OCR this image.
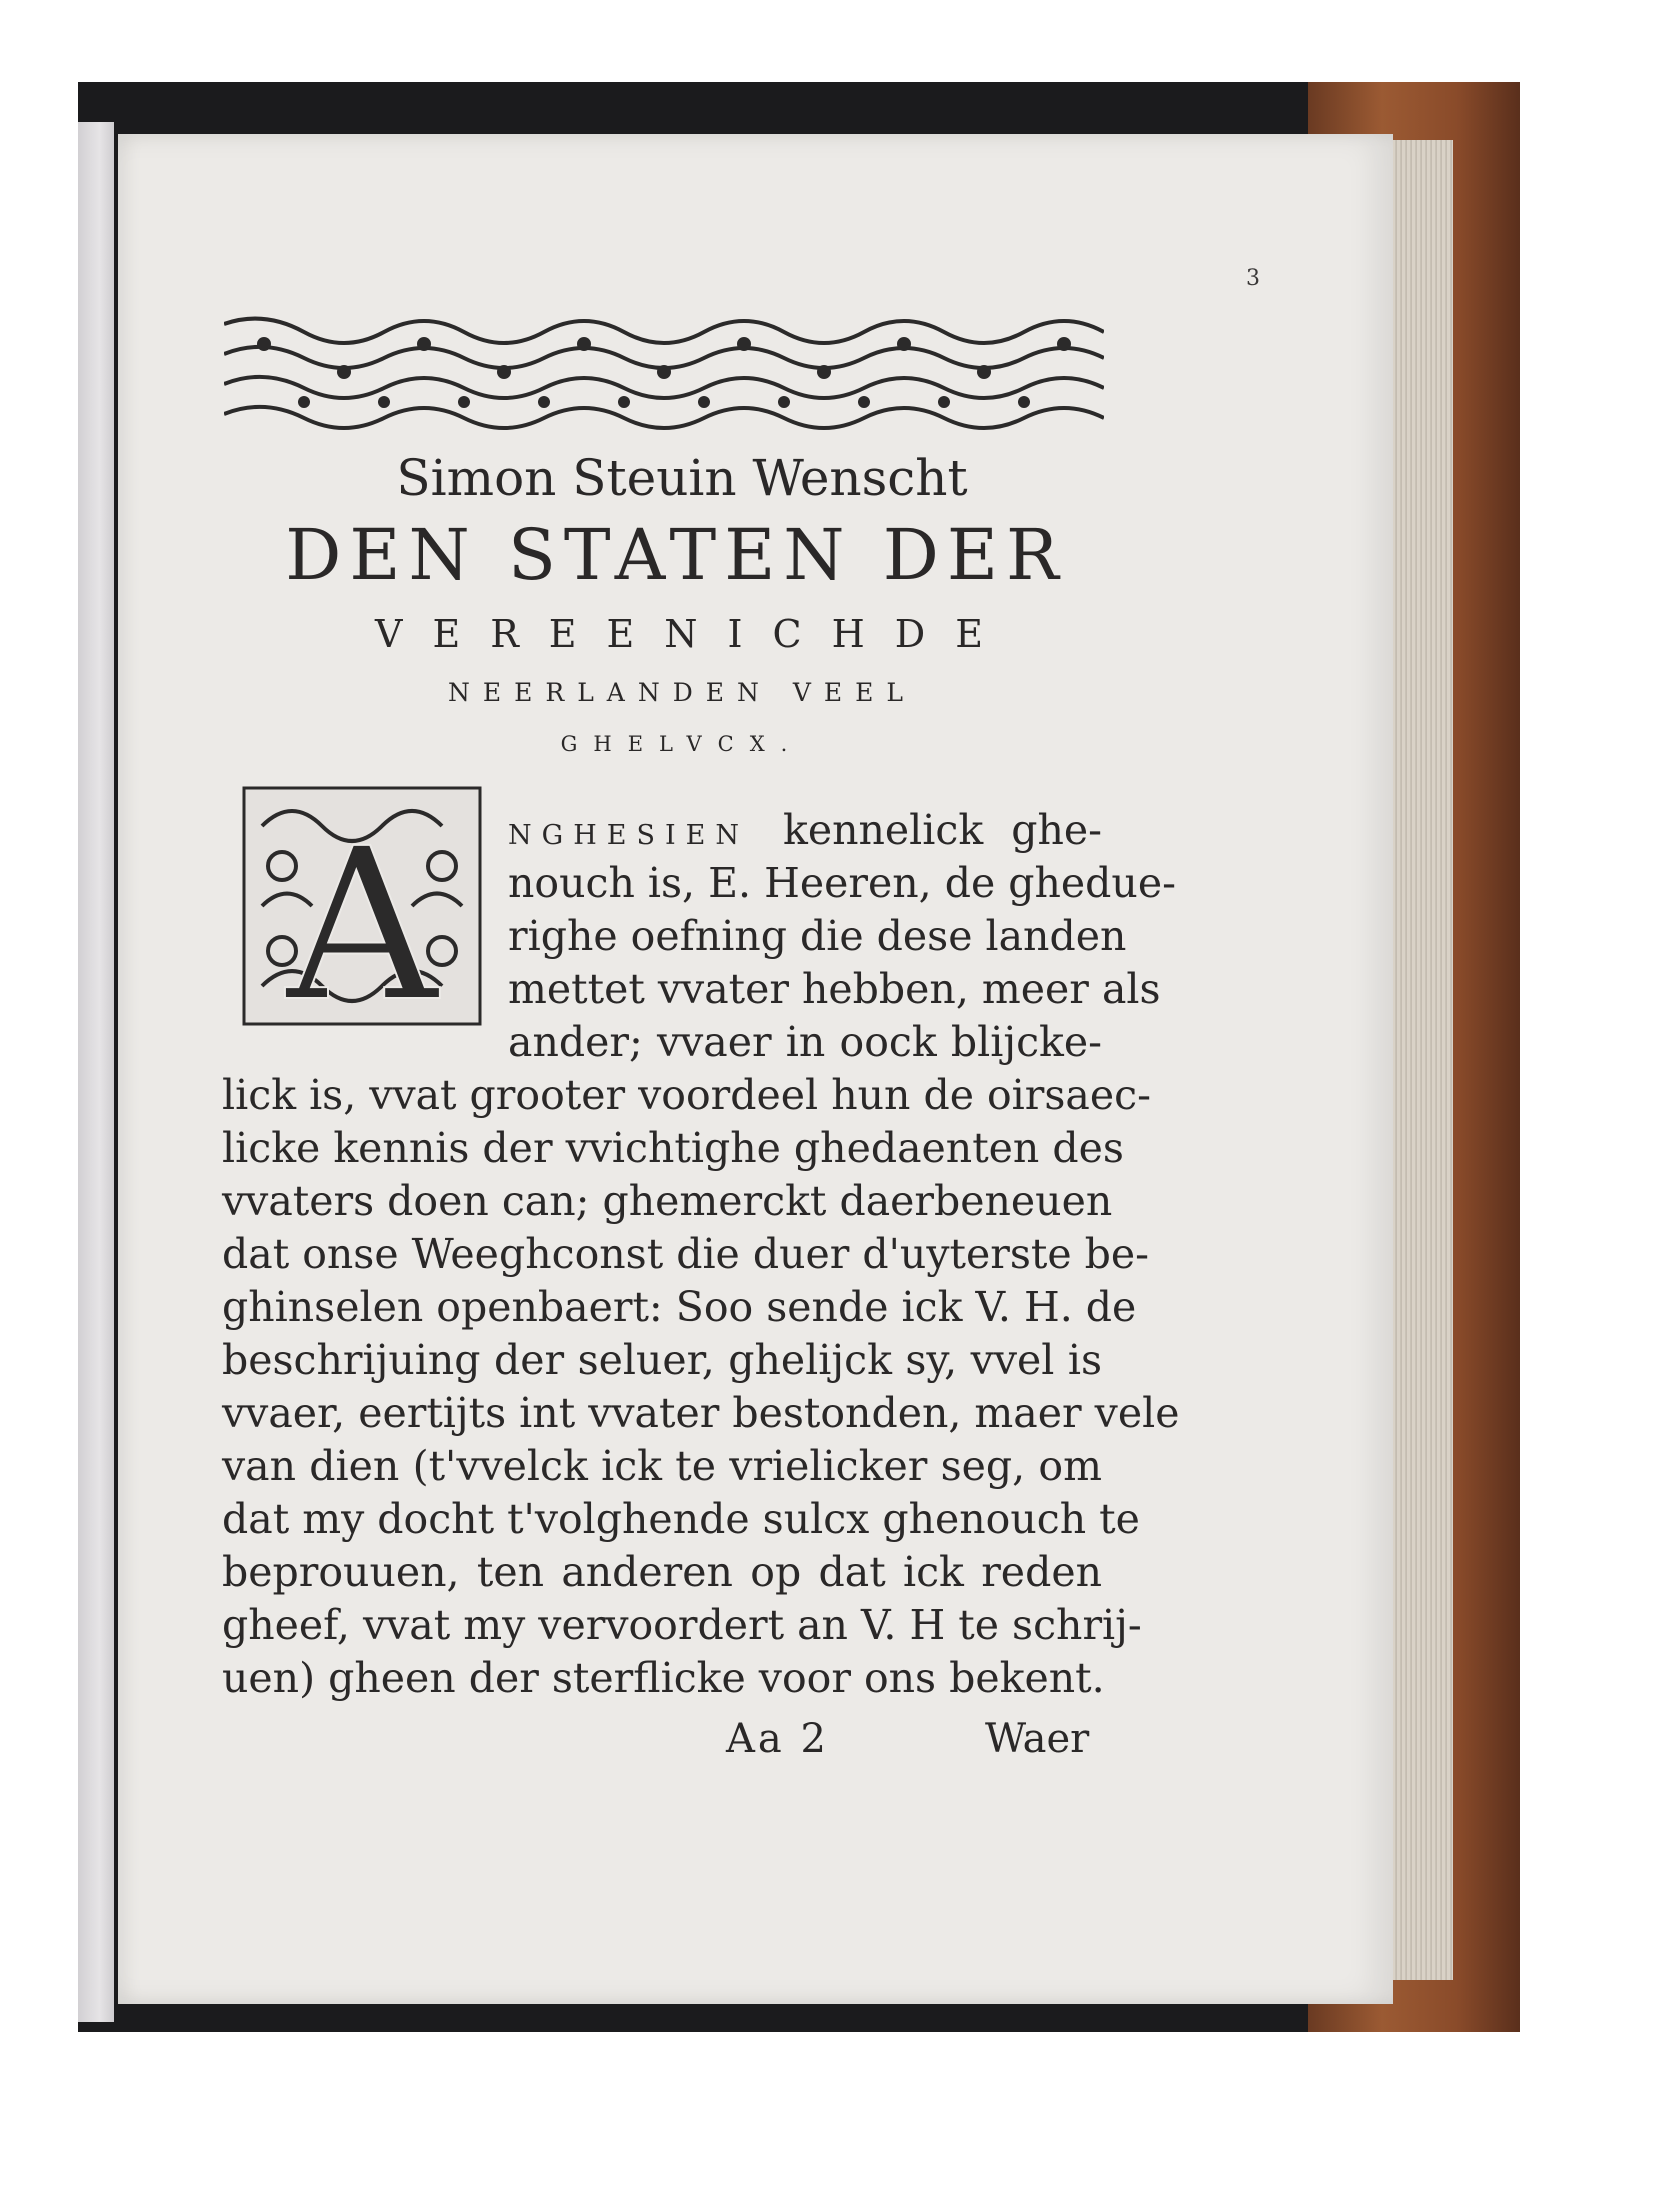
3

Simon Steuin Wenscht

DEN STATEN DER

VEREENICHDE

NEERLANDEN VEEL

GHELVCX.

A	NGHESIEN kennelick ghe-

nouch is, E. Heeren, de ghedue-

righe oefning die dese landen

mettet vvater hebben, meer als

ander; vvaer in oock blijcke-

lick is, vvat grooter voordeel hun de oirsaec-

licke kennis der vvichtighe ghedaenten des

vvaters doen can; ghemerckt daerbeneuen

dat onse Weeghconst die duer d'uyterste be-

ghinselen openbaert: Soo sende ick V. H. de

beschrijuing der seluer, ghelijck sy, vvel is

vvaer, eertijts int vvater bestonden, maer vele

van dien (t'vvelck ick te vrielicker seg, om

dat my docht t'volghende sulcx ghenouch te

beprouuen, ten anderen op dat ick reden

gheef, vvat my vervoordert an V. H te schrij-

uen) gheen der sterflicke voor ons bekent.

Aa 2	Waer
Early European Books, Copyright © 2011 ProQuest LLC.
Images reproduced by courtesy of Koninklijke Bibliotheek, Den Haag.
1708 B 10 [3]
